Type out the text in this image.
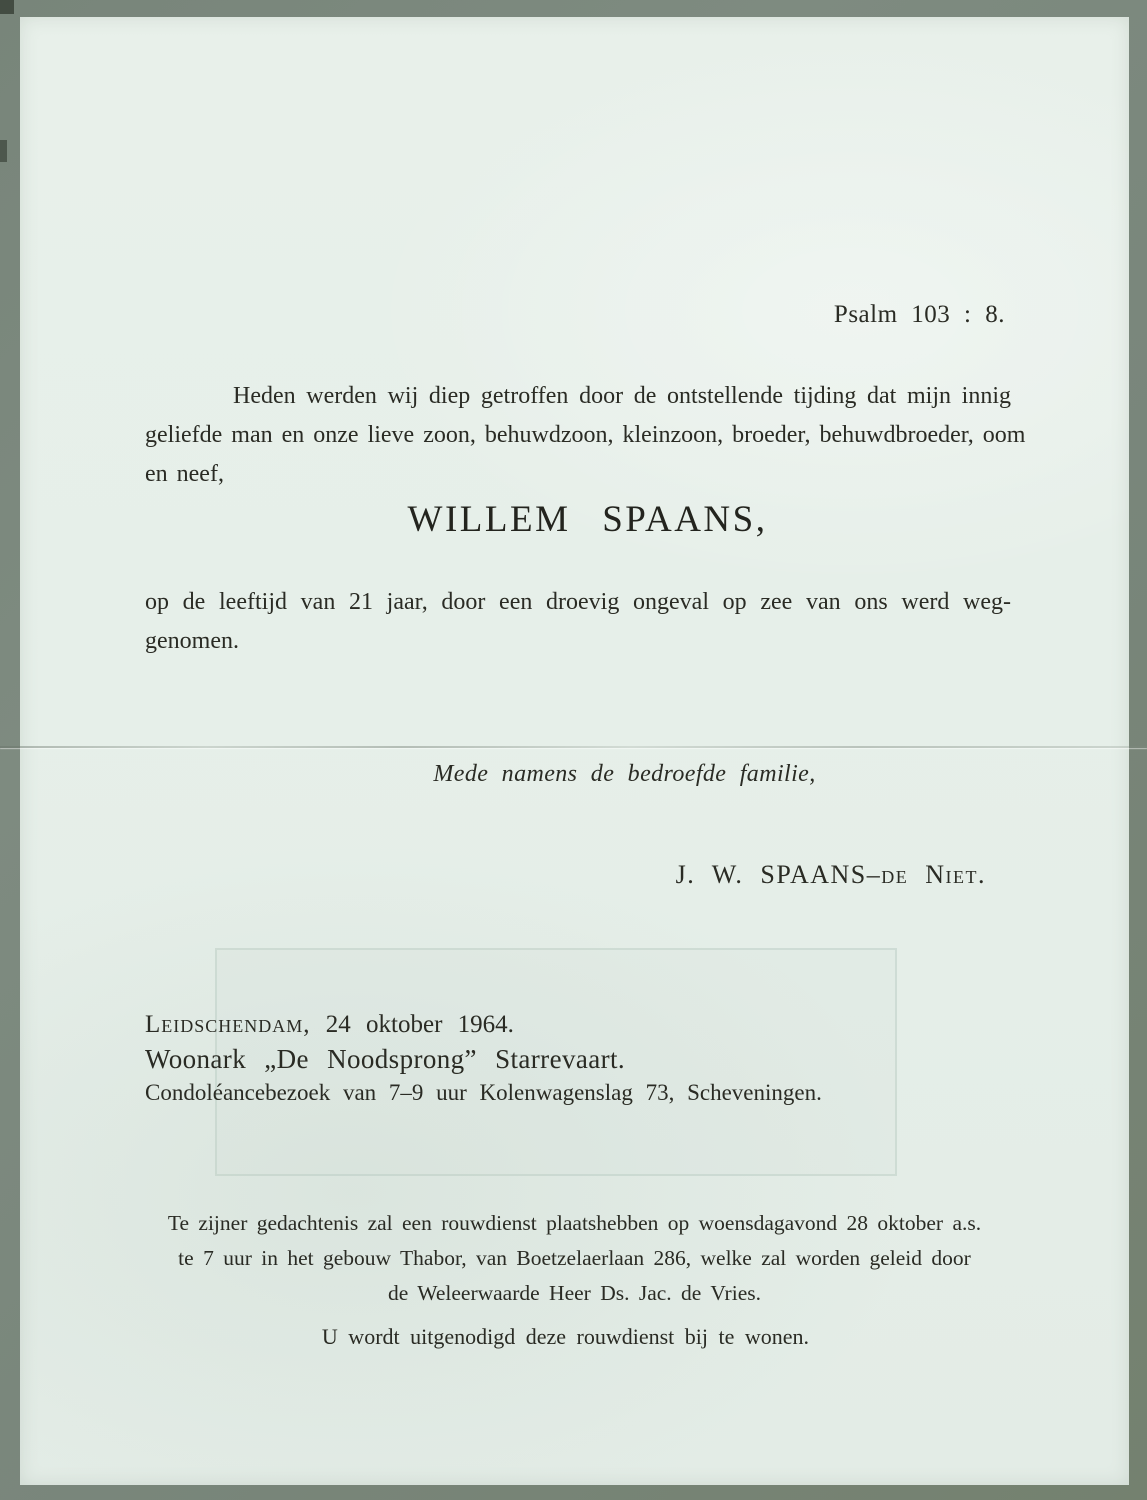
Psalm 103 : 8.
Heden werden wij diep getroffen door de ontstellende tijding dat mijn innig
geliefde man en onze lieve zoon, behuwdzoon, kleinzoon, broeder, behuwdbroeder, oom
en neef,
WILLEM SPAANS,
op de leeftijd van 21 jaar, door een droevig ongeval op zee van ons werd weg-
genomen.
Mede namens de bedroefde familie,
J. W. SPAANS–de Niet.
Leidschendam, 24 oktober 1964.
Woonark „De Noodsprong” Starrevaart.
Condoléancebezoek van 7–9 uur Kolenwagenslag 73, Scheveningen.
Te zijner gedachtenis zal een rouwdienst plaatshebben op woensdagavond 28 oktober a.s.
te 7 uur in het gebouw Thabor, van Boetzelaerlaan 286, welke zal worden geleid door
de Weleerwaarde Heer Ds. Jac. de Vries.
U wordt uitgenodigd deze rouwdienst bij te wonen.
